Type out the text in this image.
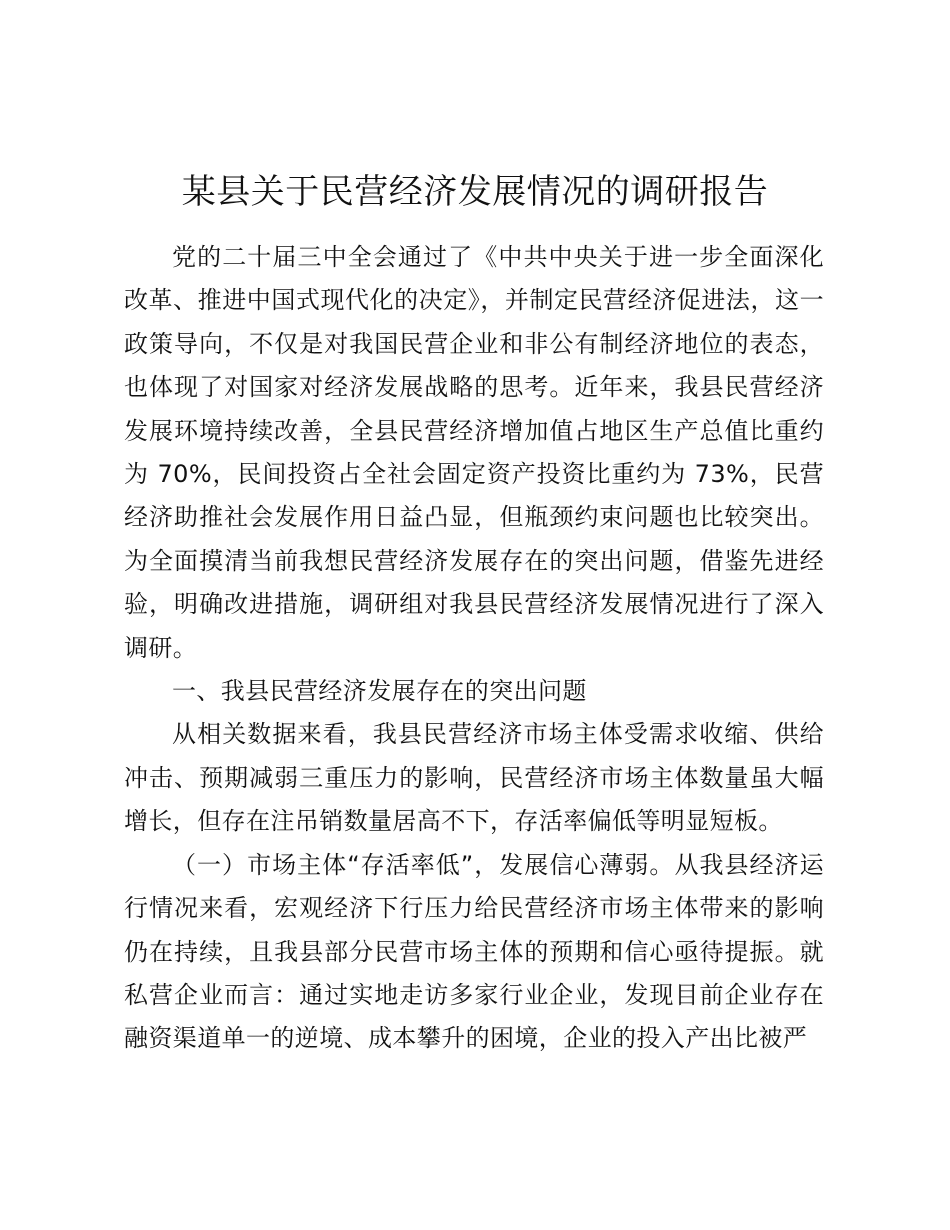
某县关于民营经济发展情况的调研报告

党的二十届三中全会通过了《中共中央关于进一步全面深化改革、推进中国式现代化的决定》，并制定民营经济促进法，这一政策导向，不仅是对我国民营企业和非公有制经济地位的表态，也体现了对国家对经济发展战略的思考。近年来，我县民营经济发展环境持续改善，全县民营经济增加值占地区生产总值比重约为 70%，民间投资占全社会固定资产投资比重约为 73%，民营经济助推社会发展作用日益凸显，但瓶颈约束问题也比较突出。为全面摸清当前我想民营经济发展存在的突出问题，借鉴先进经验，明确改进措施，调研组对我县民营经济发展情况进行了深入调研。

一、我县民营经济发展存在的突出问题

从相关数据来看，我县民营经济市场主体受需求收缩、供给冲击、预期减弱三重压力的影响，民营经济市场主体数量虽大幅增长，但存在注吊销数量居高不下，存活率偏低等明显短板。

（一）市场主体“存活率低”，发展信心薄弱。从我县经济运行情况来看，宏观经济下行压力给民营经济市场主体带来的影响仍在持续，且我县部分民营市场主体的预期和信心亟待提振。就私营企业而言：通过实地走访多家行业企业，发现目前企业存在融资渠道单一的逆境、成本攀升的困境，企业的投入产出比被严
